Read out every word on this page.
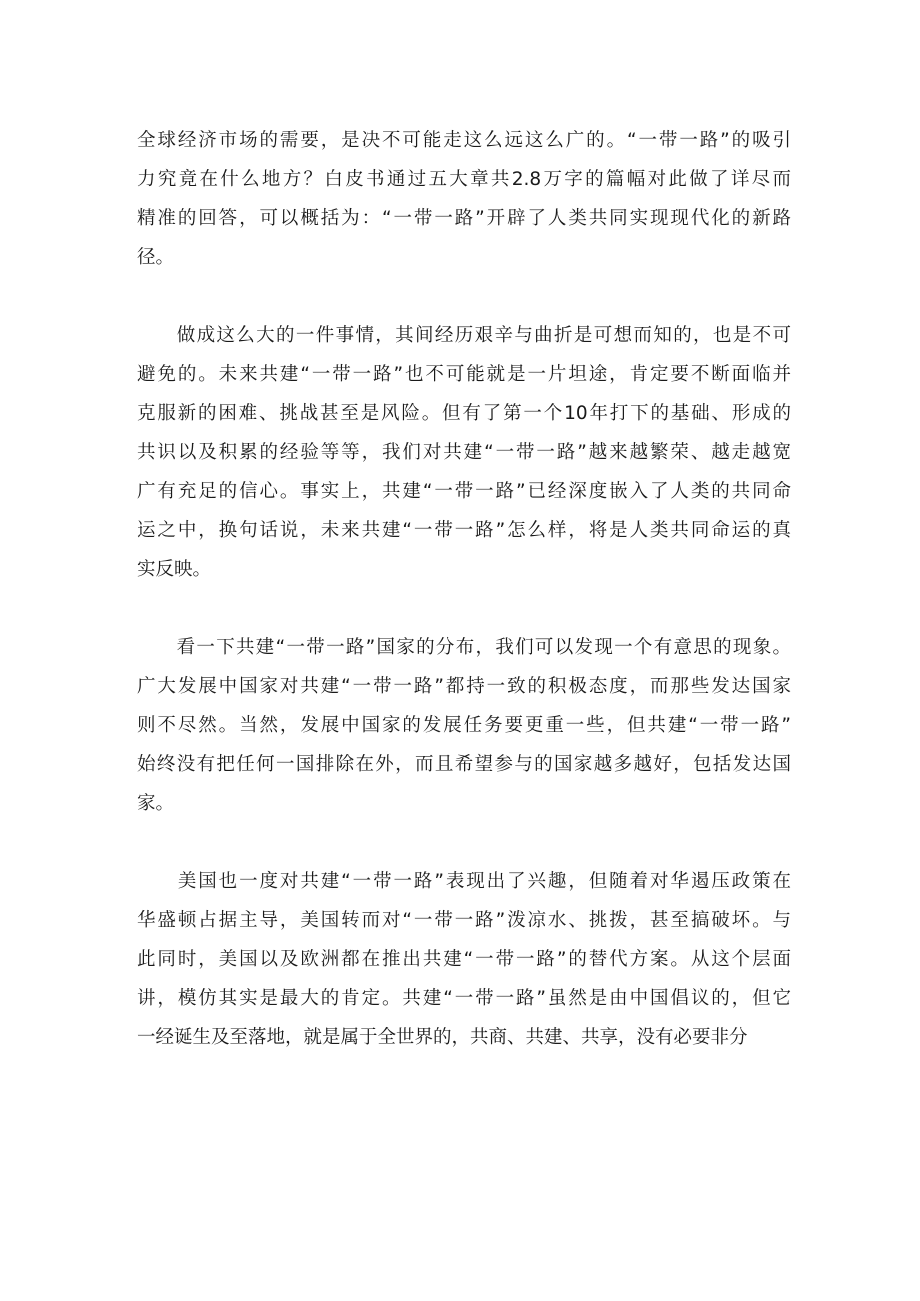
全球经济市场的需要，是决不可能走这么远这么广的。“一带一路”的吸引
力究竟在什么地方？白皮书通过五大章共2.8万字的篇幅对此做了详尽而
精准的回答，可以概括为：“一带一路”开辟了人类共同实现现代化的新路
径。
　　做成这么大的一件事情，其间经历艰辛与曲折是可想而知的，也是不可
避免的。未来共建“一带一路”也不可能就是一片坦途，肯定要不断面临并
克服新的困难、挑战甚至是风险。但有了第一个10年打下的基础、形成的
共识以及积累的经验等等，我们对共建“一带一路”越来越繁荣、越走越宽
广有充足的信心。事实上，共建“一带一路”已经深度嵌入了人类的共同命
运之中，换句话说，未来共建“一带一路”怎么样，将是人类共同命运的真
实反映。
　　看一下共建“一带一路”国家的分布，我们可以发现一个有意思的现象。
广大发展中国家对共建“一带一路”都持一致的积极态度，而那些发达国家
则不尽然。当然，发展中国家的发展任务要更重一些，但共建“一带一路”
始终没有把任何一国排除在外，而且希望参与的国家越多越好，包括发达国
家。
　　美国也一度对共建“一带一路”表现出了兴趣，但随着对华遏压政策在
华盛顿占据主导，美国转而对“一带一路”泼凉水、挑拨，甚至搞破坏。与
此同时，美国以及欧洲都在推出共建“一带一路”的替代方案。从这个层面
讲，模仿其实是最大的肯定。共建“一带一路”虽然是由中国倡议的，但它
一经诞生及至落地，就是属于全世界的，共商、共建、共享，没有必要非分
